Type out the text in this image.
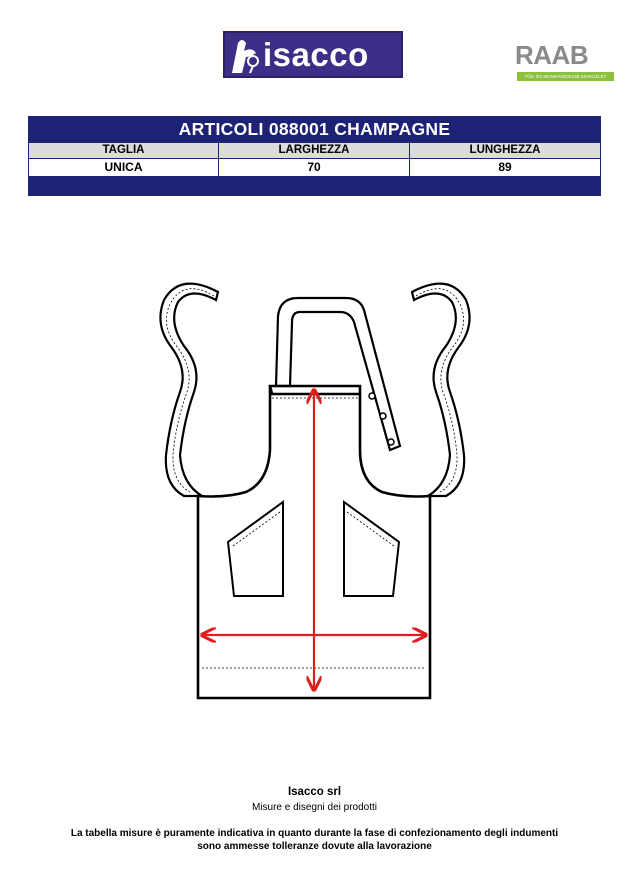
isacco	RAAB
TŰZ- ÉS MUNKAVÉDELMI SZAKÜZLET
ARTICOLI 088001 CHAMPAGNE		
TAGLIA	LARGHEZZA	LUNGHEZZA
UNICA	70	89

Isacco srl
Misure e disegni dei prodotti
La tabella misure è puramente indicativa in quanto durante la fase di confezionamento degli indumenti
sono ammesse tolleranze dovute alla lavorazione
